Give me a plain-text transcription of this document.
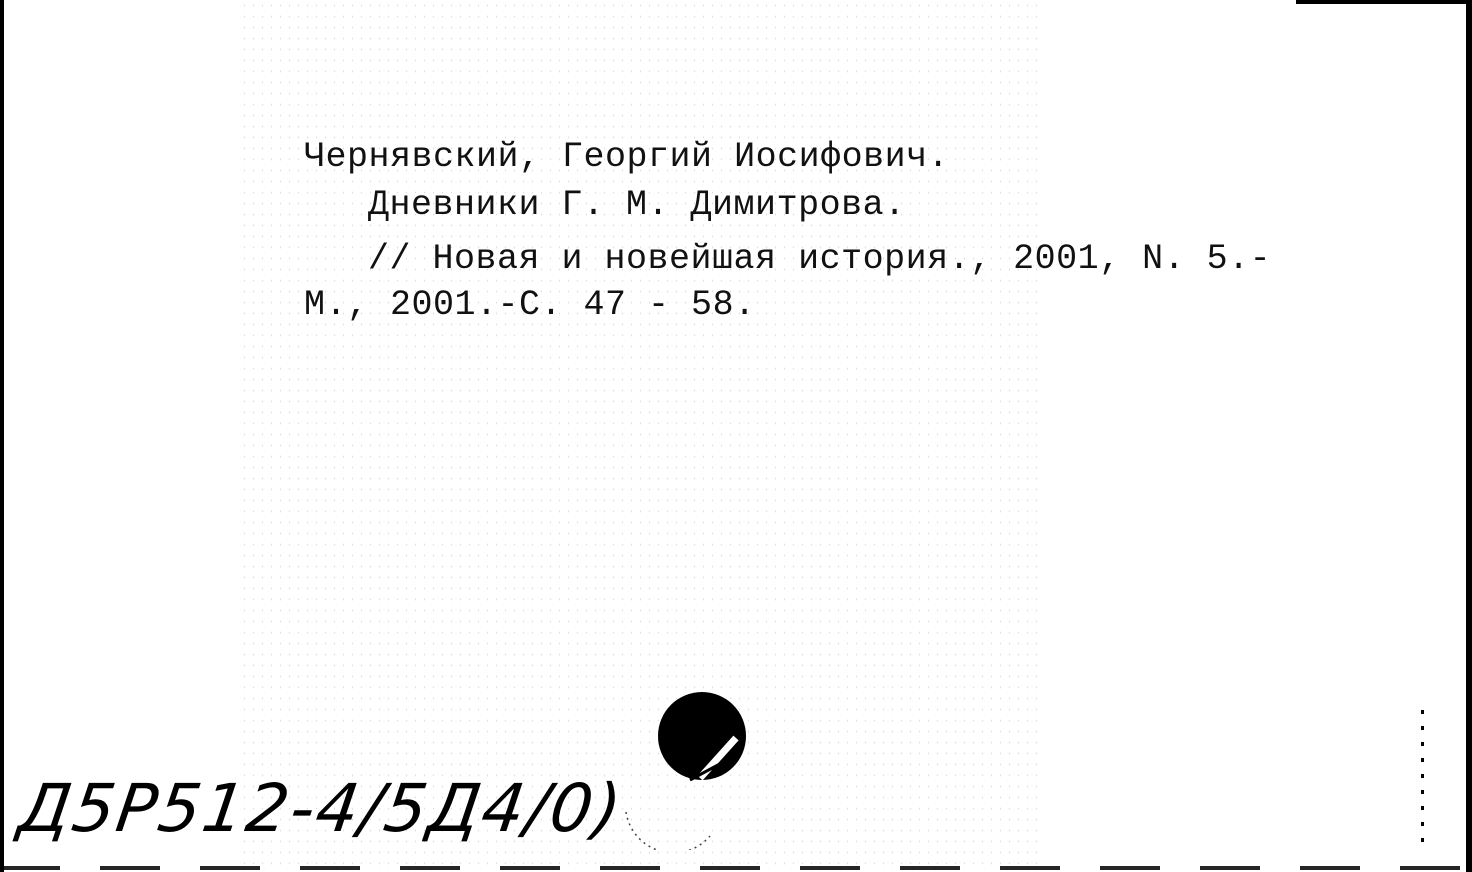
Чернявский, Георгий Иосифович.
Дневники Г. М. Димитрова.
// Новая и новейшая история., 2001, N. 5.-
М., 2001.-С. 47 - 58.
Д5Р512-4/5Д4/0)
